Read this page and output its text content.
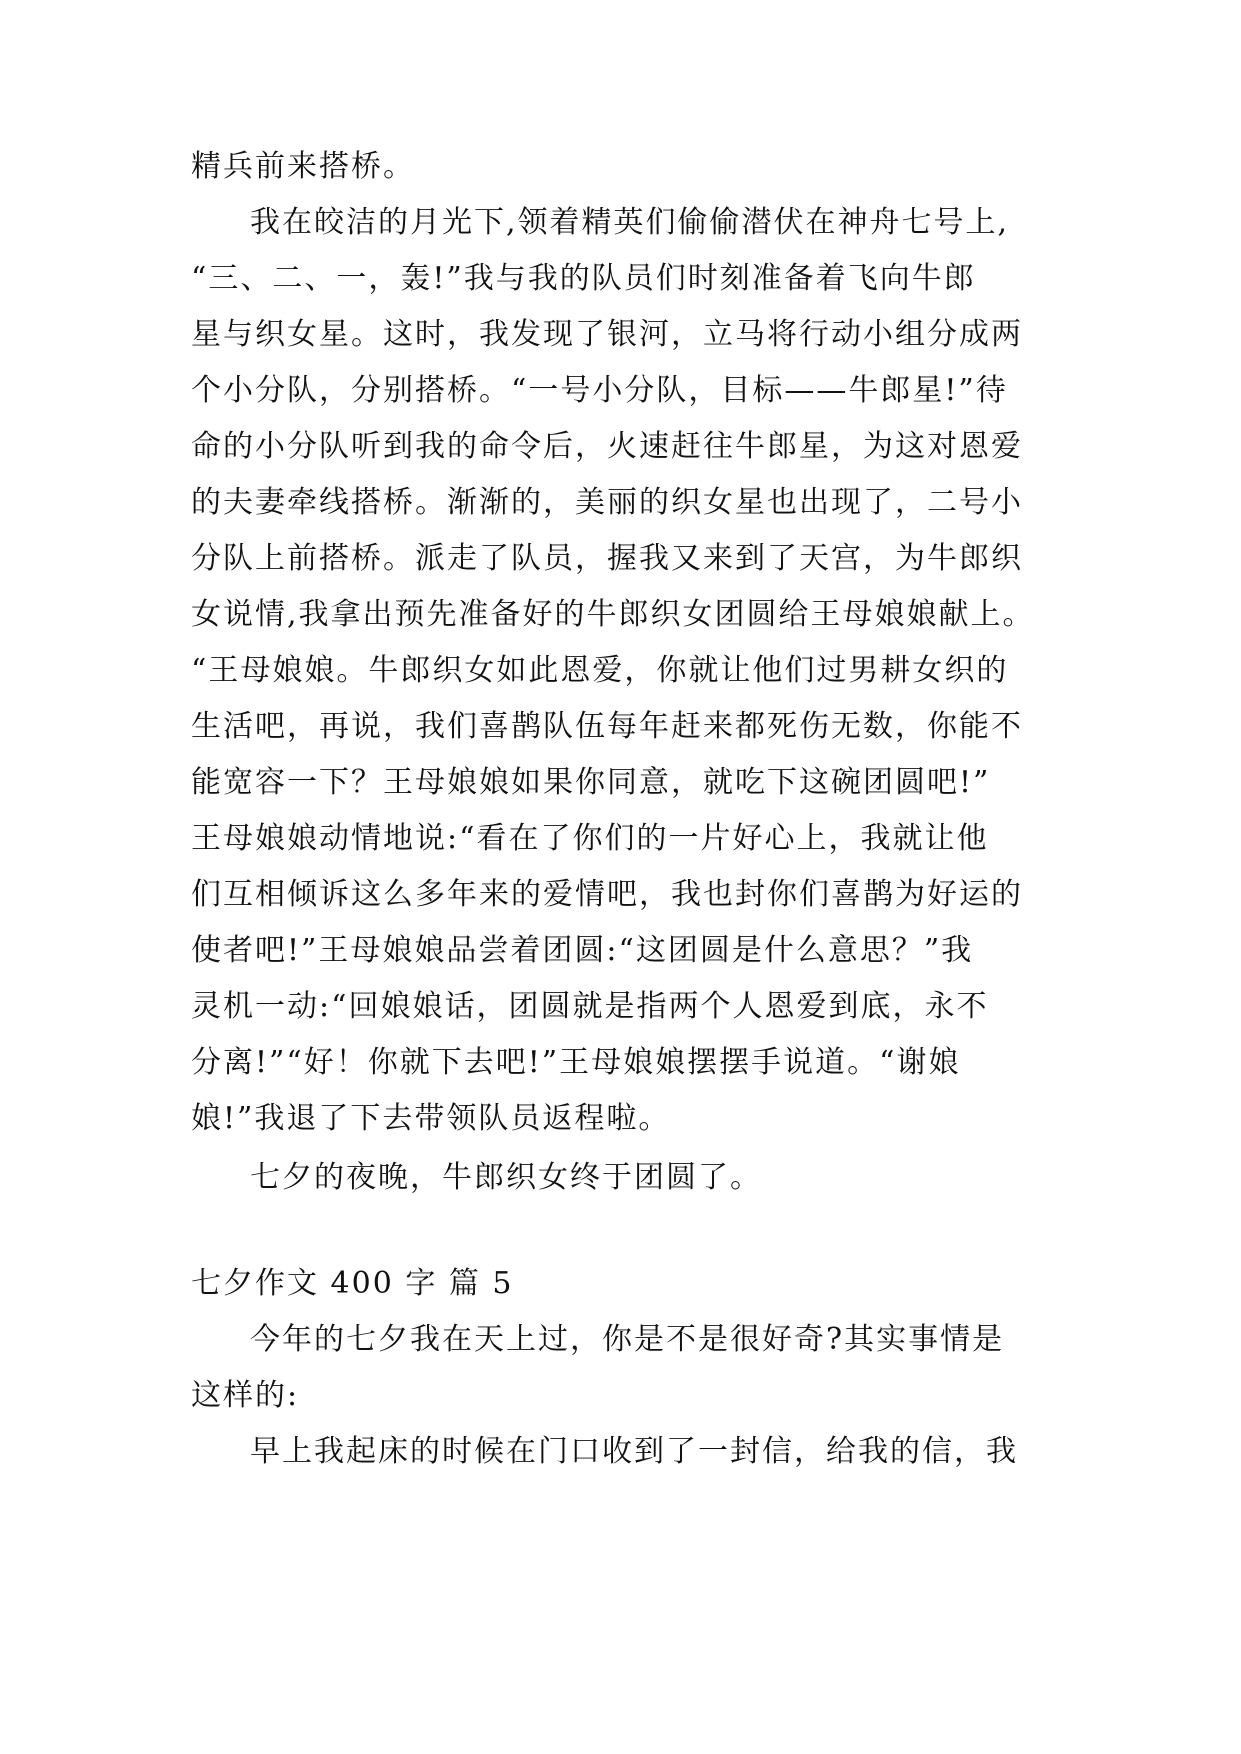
精兵前来搭桥。

我在皎洁的月光下,领着精英们偷偷潜伏在神舟七号上,

“三、二、一，轰!”我与我的队员们时刻准备着飞向牛郎

星与织女星。这时，我发现了银河，立马将行动小组分成两

个小分队，分别搭桥。“一号小分队，目标——牛郎星!”待

命的小分队听到我的命令后，火速赶往牛郎星，为这对恩爱

的夫妻牵线搭桥。渐渐的，美丽的织女星也出现了，二号小

分队上前搭桥。派走了队员，握我又来到了天宫，为牛郎织

女说情,我拿出预先准备好的牛郎织女团圆给王母娘娘献上。

“王母娘娘。牛郎织女如此恩爱，你就让他们过男耕女织的

生活吧，再说，我们喜鹊队伍每年赶来都死伤无数，你能不

能宽容一下？王母娘娘如果你同意，就吃下这碗团圆吧!”

王母娘娘动情地说:“看在了你们的一片好心上，我就让他

们互相倾诉这么多年来的爱情吧，我也封你们喜鹊为好运的

使者吧!”王母娘娘品尝着团圆:“这团圆是什么意思？”我

灵机一动:“回娘娘话，团圆就是指两个人恩爱到底，永不

分离!”“好！你就下去吧!”王母娘娘摆摆手说道。“谢娘

娘!”我退了下去带领队员返程啦。

七夕的夜晚，牛郎织女终于团圆了。

七夕作文 400 字 篇 5

今年的七夕我在天上过，你是不是很好奇?其实事情是

这样的:

早上我起床的时候在门口收到了一封信，给我的信，我
